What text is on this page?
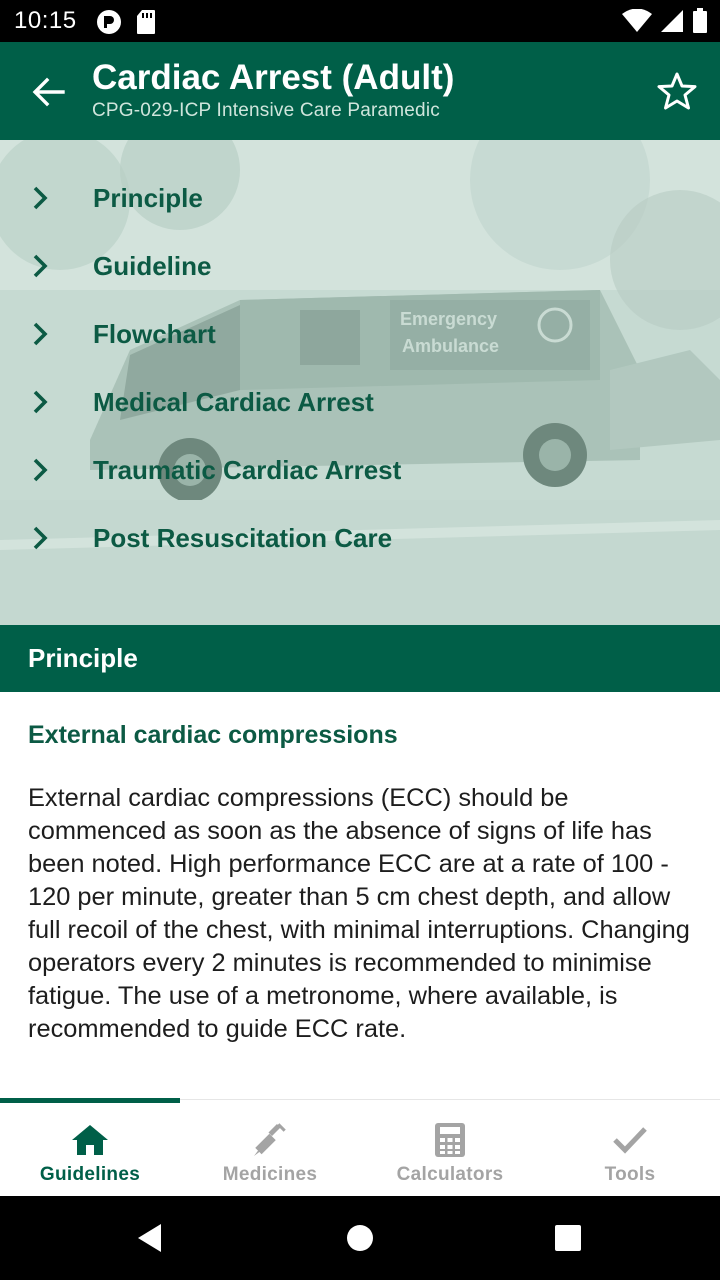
10:15
Cardiac Arrest (Adult)
CPG-029-ICP Intensive Care Paramedic
Emergency
Ambulance
Principle
Guideline
Flowchart
Medical Cardiac Arrest
Traumatic Cardiac Arrest
Post Resuscitation Care
Principle
External cardiac compressions

External cardiac compressions (ECC) should be commenced as soon as the absence of signs of life has been noted. High performance ECC are at a rate of 100 - 120 per minute, greater than 5 cm chest depth, and allow full recoil of the chest, with minimal interruptions. Changing operators every 2 minutes is recommended to minimise fatigue. The use of a metronome, where available, is recommended to guide ECC rate.

Guidelines	Medicines	Calculators	Tools
